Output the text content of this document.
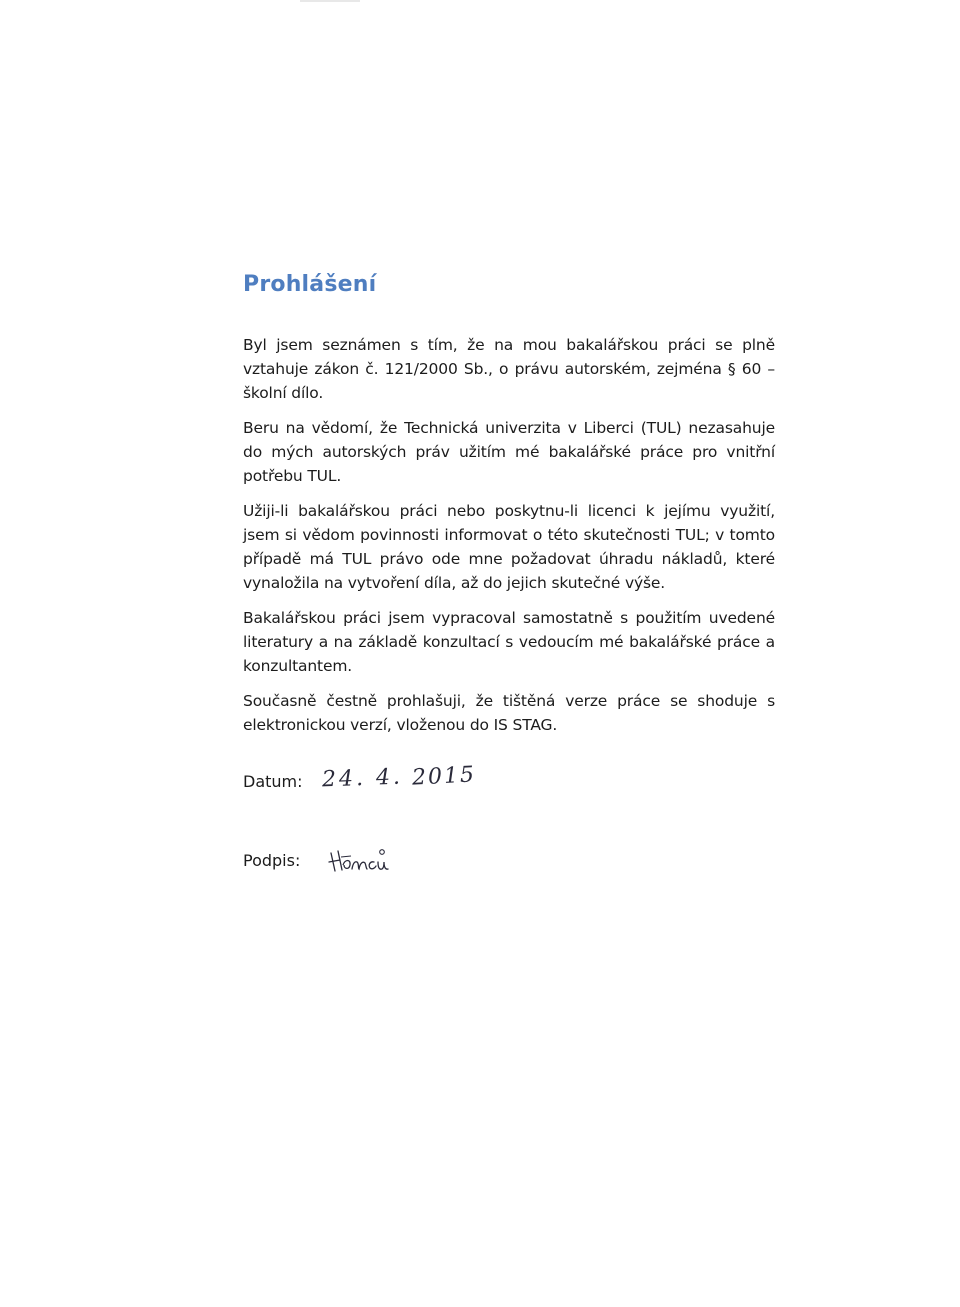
Prohlášení

Byl jsem seznámen s tím, že na mou bakalářskou práci se plně vztahuje zákon č. 121/2000 Sb., o právu autorském, zejména § 60 – školní dílo.

Beru na vědomí, že Technická univerzita v Liberci (TUL) nezasahuje do mých autorských práv užitím mé bakalářské práce pro vnitřní potřebu TUL.

Užiji-li bakalářskou práci nebo poskytnu-li licenci k jejímu využití, jsem si vědom povinnosti informovat o této skutečnosti TUL; v tomto případě má TUL právo ode mne požadovat úhradu nákladů, které vynaložila na vytvoření díla, až do jejich skutečné výše.

Bakalářskou práci jsem vypracoval samostatně s použitím uvedené literatury a na základě konzultací s vedoucím mé bakalářské práce a konzultantem.

Současně čestně prohlašuji, že tištěná verze práce se shoduje s elektronickou verzí, vloženou do IS STAG.

Datum: 24. 4. 2015
Podpis:
